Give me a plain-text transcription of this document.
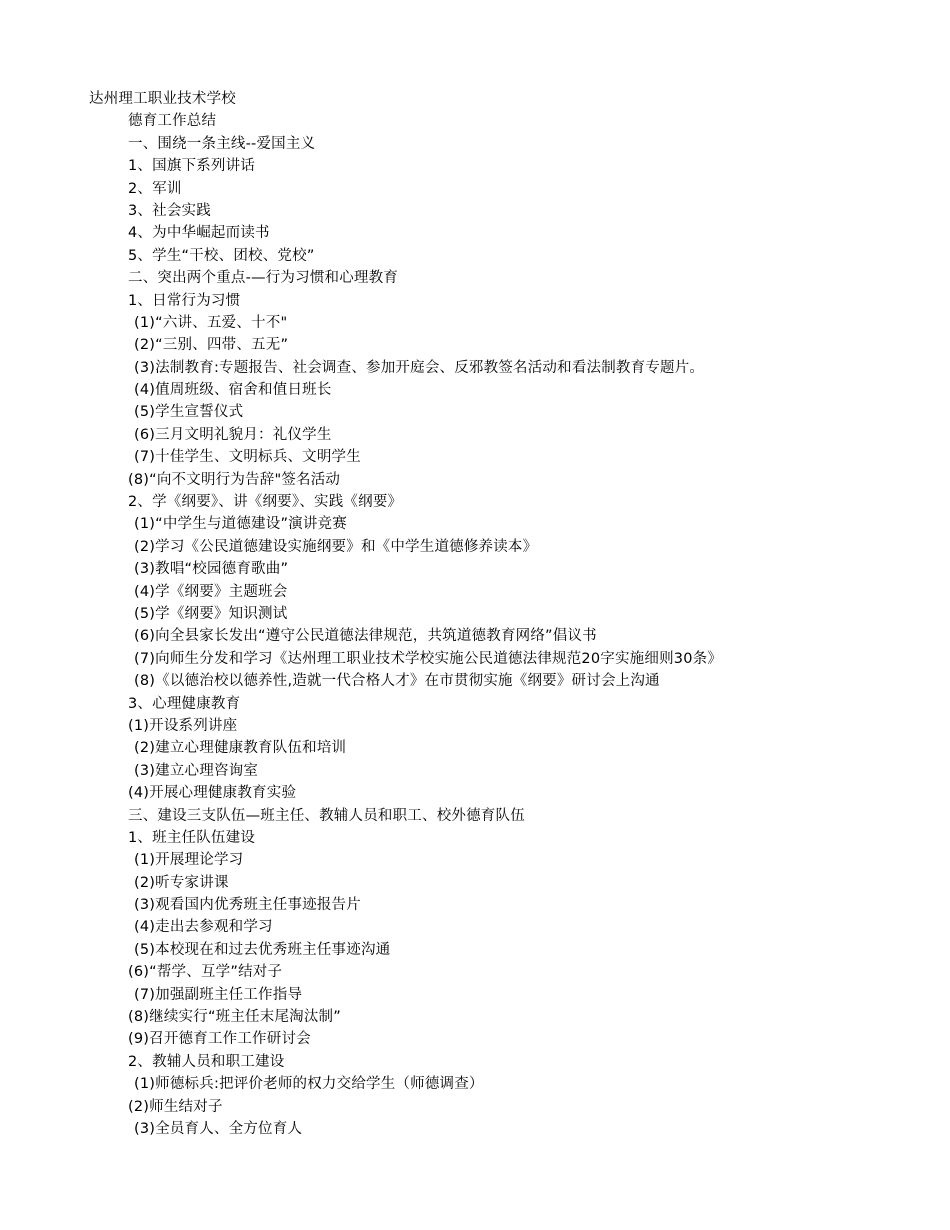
达州理工职业技术学校
德育工作总结
一、围绕一条主线--爱国主义
1、国旗下系列讲话
2、军训
3、社会实践
4、为中华崛起而读书
5、学生“干校、团校、党校”
二、突出两个重点-—行为习惯和心理教育
1、日常行为习惯
(1)“六讲、五爱、十不"
(2)“三别、四带、五无”
(3)法制教育:专题报告、社会调查、参加开庭会、反邪教签名活动和看法制教育专题片。
(4)值周班级、宿舍和值日班长
(5)学生宣誓仪式
(6)三月文明礼貌月：礼仪学生
(7)十佳学生、文明标兵、文明学生
(8)“向不文明行为告辞"签名活动
2、学《纲要》、讲《纲要》、实践《纲要》
(1)“中学生与道德建设”演讲竞赛
(2)学习《公民道德建设实施纲要》和《中学生道德修养读本》
(3)教唱“校园德育歌曲”
(4)学《纲要》主题班会
(5)学《纲要》知识测试
(6)向全县家长发出“遵守公民道德法律规范，共筑道德教育网络”倡议书
(7)向师生分发和学习《达州理工职业技术学校实施公民道德法律规范20字实施细则30条》
(8)《以德治校以德养性,造就一代合格人才》在市贯彻实施《纲要》研讨会上沟通
3、心理健康教育
(1)开设系列讲座
(2)建立心理健康教育队伍和培训
(3)建立心理咨询室
(4)开展心理健康教育实验
三、建设三支队伍—班主任、教辅人员和职工、校外德育队伍
1、班主任队伍建设
(1)开展理论学习
(2)听专家讲课
(3)观看国内优秀班主任事迹报告片
(4)走出去参观和学习
(5)本校现在和过去优秀班主任事迹沟通
(6)“帮学、互学”结对子
(7)加强副班主任工作指导
(8)继续实行“班主任末尾淘汰制”
(9)召开德育工作工作研讨会
2、教辅人员和职工建设
(1)师德标兵:把评价老师的权力交给学生（师德调查）
(2)师生结对子
(3)全员育人、全方位育人
